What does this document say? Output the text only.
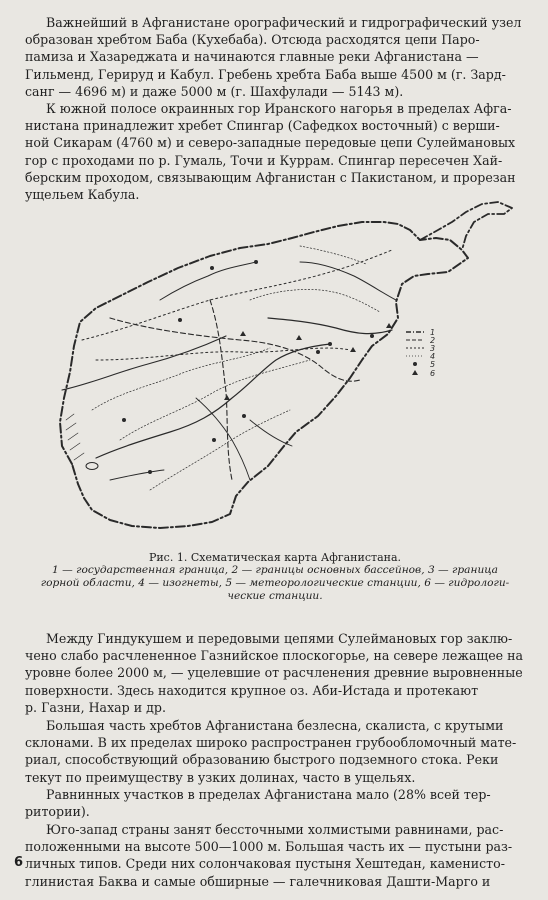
Важнейший в Афганистане орографический и гидрографический узел
образован хребтом Баба (Кухебаба). Отсюда расходятся цепи Паро-
памиза и Хазареджата и начинаются главные реки Афганистана —
Гильменд, Герируд и Кабул. Гребень хребта Баба выше 4500 м (г. Зард-
санг — 4696 м) и даже 5000 м (г. Шахфулади — 5143 м).
К южной полосе окраинных гор Иранского нагорья в пределах Афга-
нистана принадлежит хребет Спингар (Сафедкох восточный) с верши-
ной Сикарам (4760 м) и северо-западные передовые цепи Сулеймановых
гор с проходами по р. Гумаль, Точи и Куррам. Спингар пересечен Хай-
берским проходом, связывающим Афганистан с Пакистаном, и прорезан
ущельем Кабула.
1
2
3
4
5
6
Рис. 1. Схематическая карта Афганистана.
1 — государственная граница, 2 — границы основных бассейнов, 3 — граница
горной области, 4 — изогнеты, 5 — метеорологические станции, 6 — гидрологи-
ческие станции.
Между Гиндукушем и передовыми цепями Сулеймановых гор заклю-
чено слабо расчлененное Газнийское плоскогорье, на севере лежащее на
уровне более 2000 м, — уцелевшие от расчленения древние выровненные
поверхности. Здесь находится крупное оз. Аби-Истада и протекают
р. Газни, Нахар и др.
Большая часть хребтов Афганистана безлесна, скалиста, с крутыми
склонами. В их пределах широко распространен грубообломочный мате-
риал, способствующий образованию быстрого подземного стока. Реки
текут по преимуществу в узких долинах, часто в ущельях.
Равнинных участков в пределах Афганистана мало (28% всей тер-
ритории).
Юго-запад страны занят бессточными холмистыми равнинами, рас-
положенными на высоте 500—1000 м. Большая часть их — пустыни раз-
личных типов. Среди них солончаковая пустыня Хештедан, каменисто-
глинистая Баква и самые обширные — галечниковая Дашти-Марго и
6
